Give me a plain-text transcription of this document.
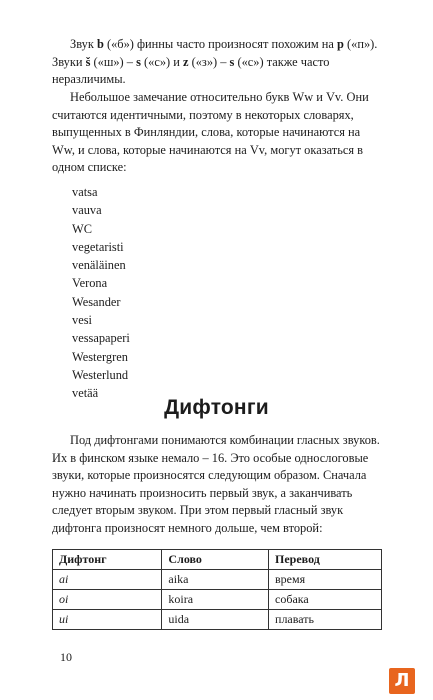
Звук b («б») финны часто произносят похожим на p («п»). Звуки š («ш») – s («с») и z («з») – s («с») также часто неразличимы.

Небольшое замечание относительно букв Ww и Vv. Они считаются идентичными, поэтому в некоторых словарях, выпущенных в Финляндии, слова, которые начинаются на Ww, и слова, которые начинаются на Vv, могут оказаться в одном списке:

vatsa
vauva
WC
vegetaristi
venäläinen
Verona
Wesander
vesi
vessapaperi
Westergren
Westerlund
vetää
Дифтонги

Под дифтонгами понимаются комбинации гласных звуков. Их в финском языке немало – 16. Это особые однослоговые звуки, которые произносятся следующим образом. Сначала нужно начинать произносить первый звук, а заканчивать следует вторым звуком. При этом первый гласный звук дифтонга произносят немного дольше, чем второй:

Дифтонг	Слово	Перевод
ai	aika	время
oi	koira	собака
ui	uida	плавать
10
Л
